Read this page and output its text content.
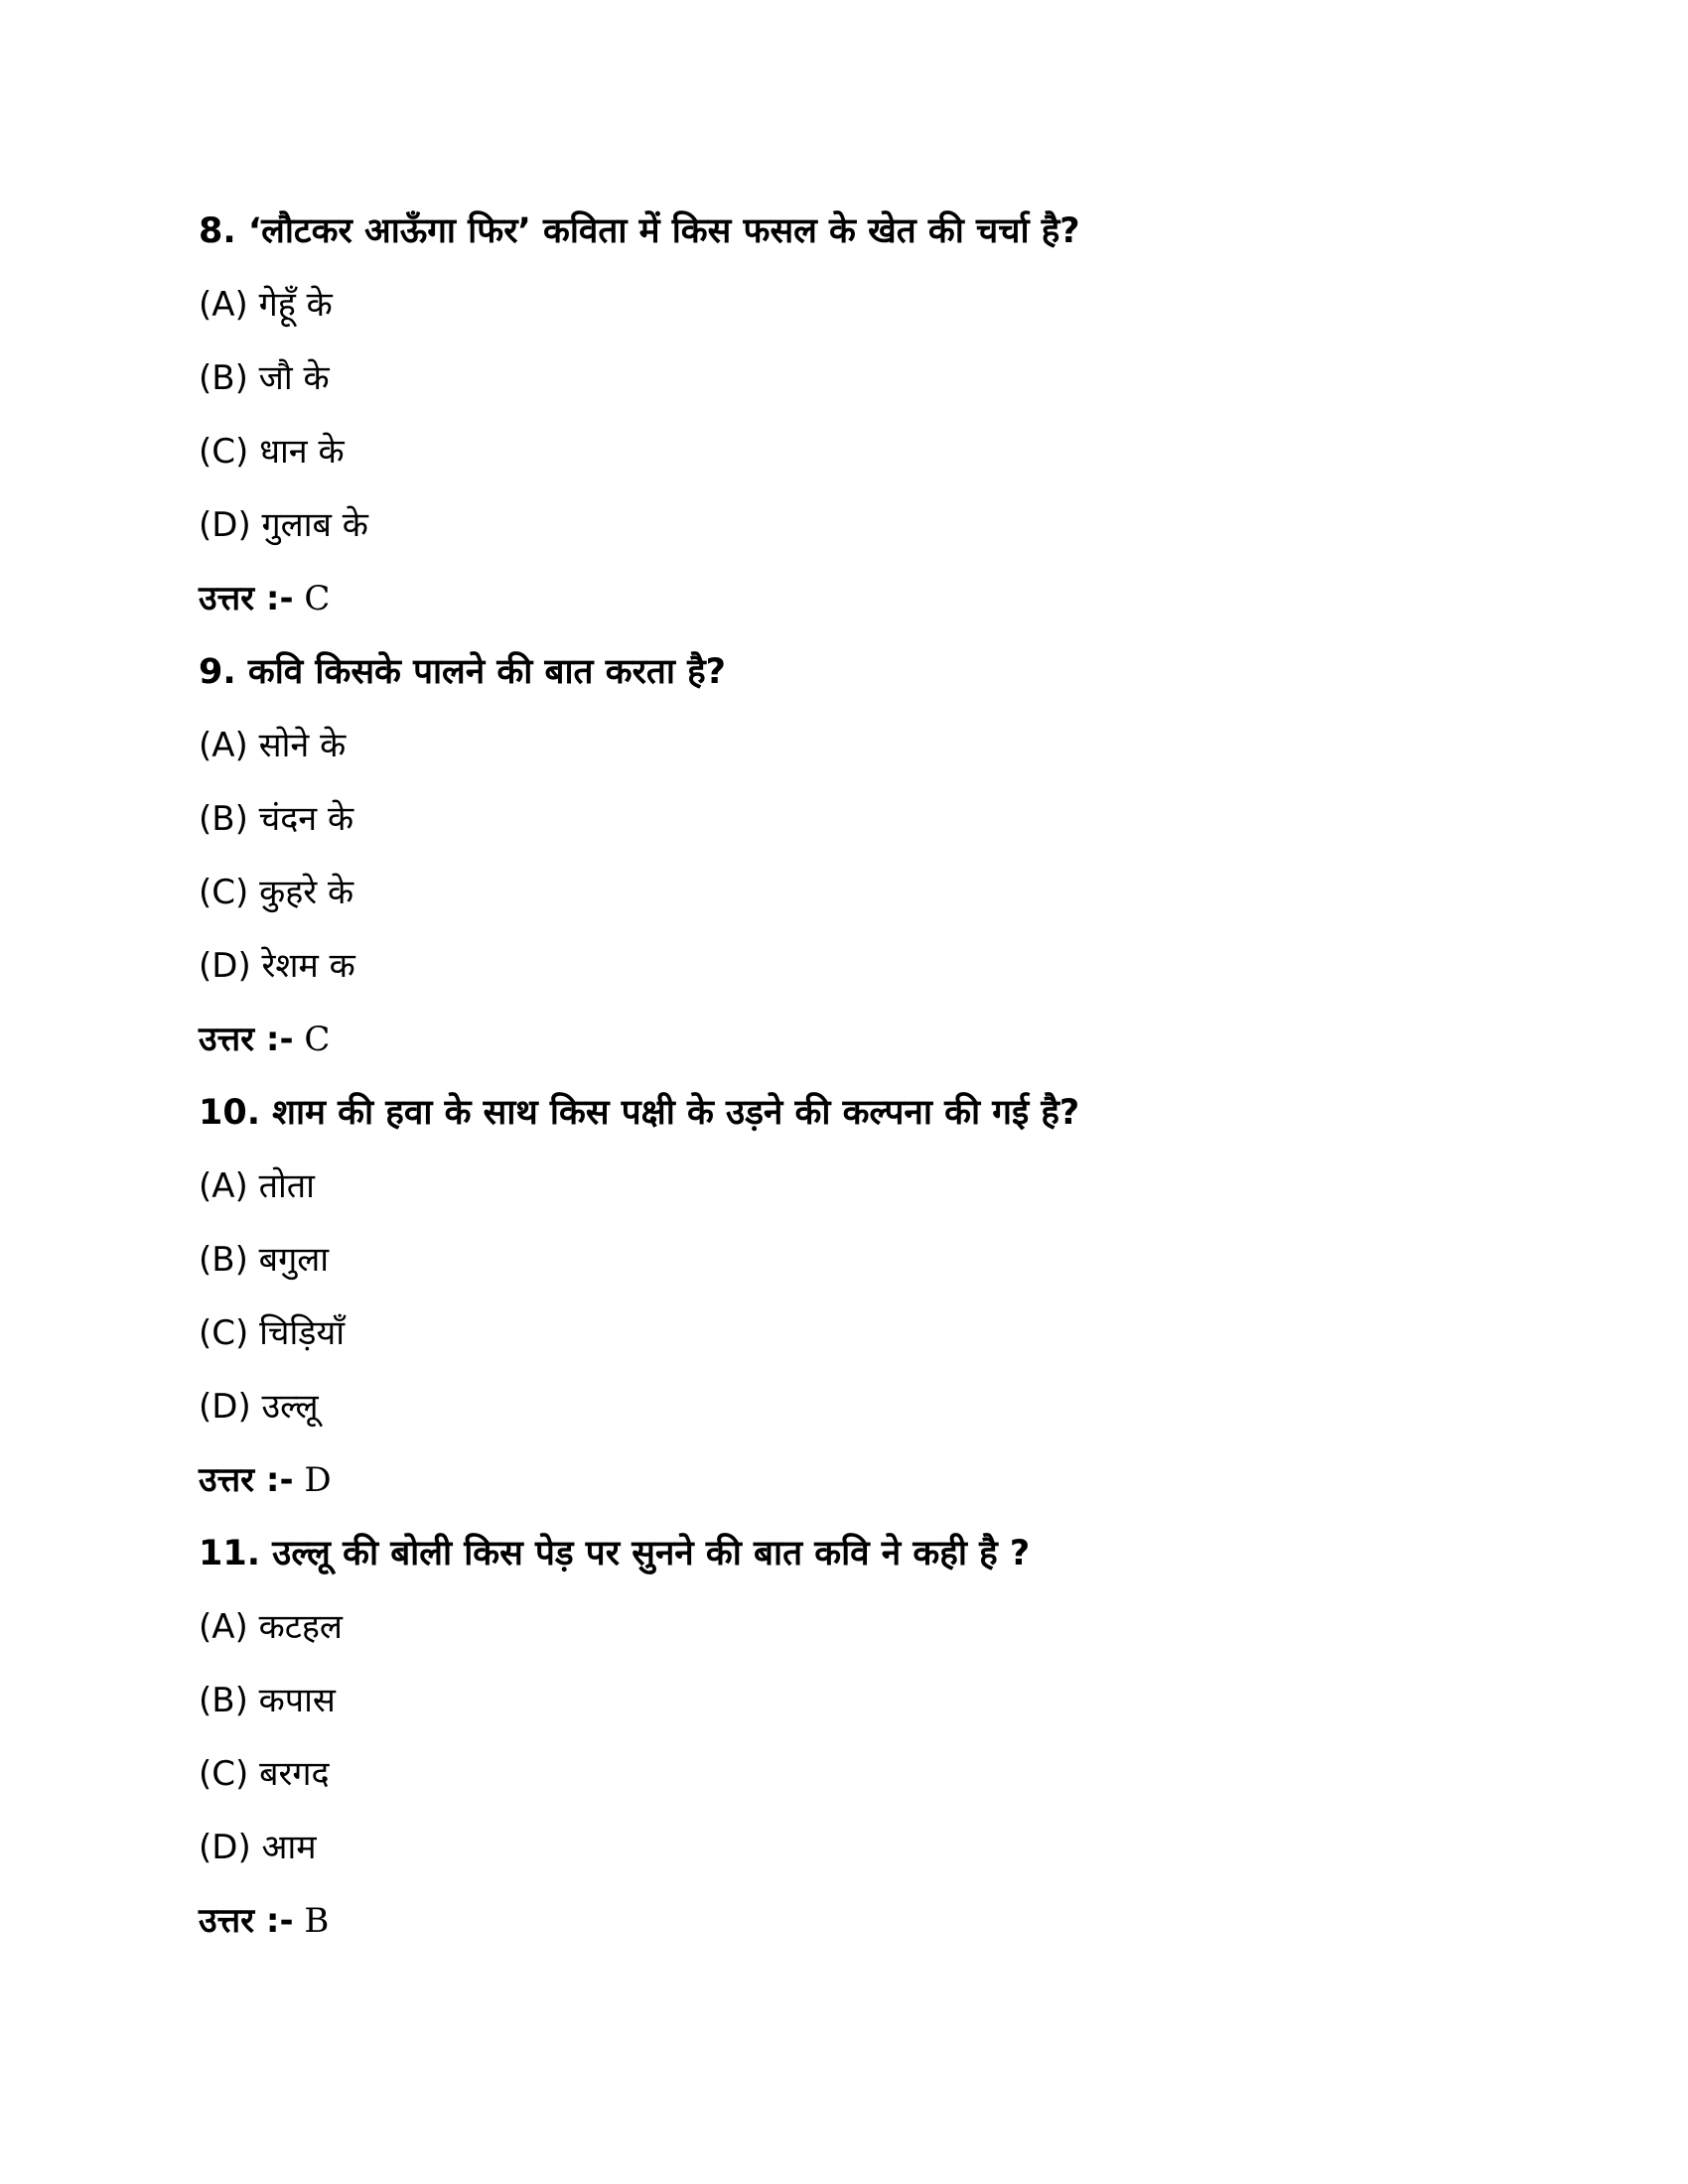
8. ‘लौटकर आऊँगा फिर’ कविता में किस फसल के खेत की चर्चा है?
(A) गेहूँ के
(B) जौ के
(C) धान के
(D) गुलाब के
उत्तर :- C
9. कवि किसके पालने की बात करता है?
(A) सोने के
(B) चंदन के
(C) कुहरे के
(D) रेशम क
उत्तर :- C
10. शाम की हवा के साथ किस पक्षी के उड़ने की कल्पना की गई है?
(A) तोता
(B) बगुला
(C) चिड़ियाँ
(D) उल्लू
उत्तर :- D
11. उल्लू की बोली किस पेड़ पर सुनने की बात कवि ने कही है ?
(A) कटहल
(B) कपास
(C) बरगद
(D) आम
उत्तर :- B
